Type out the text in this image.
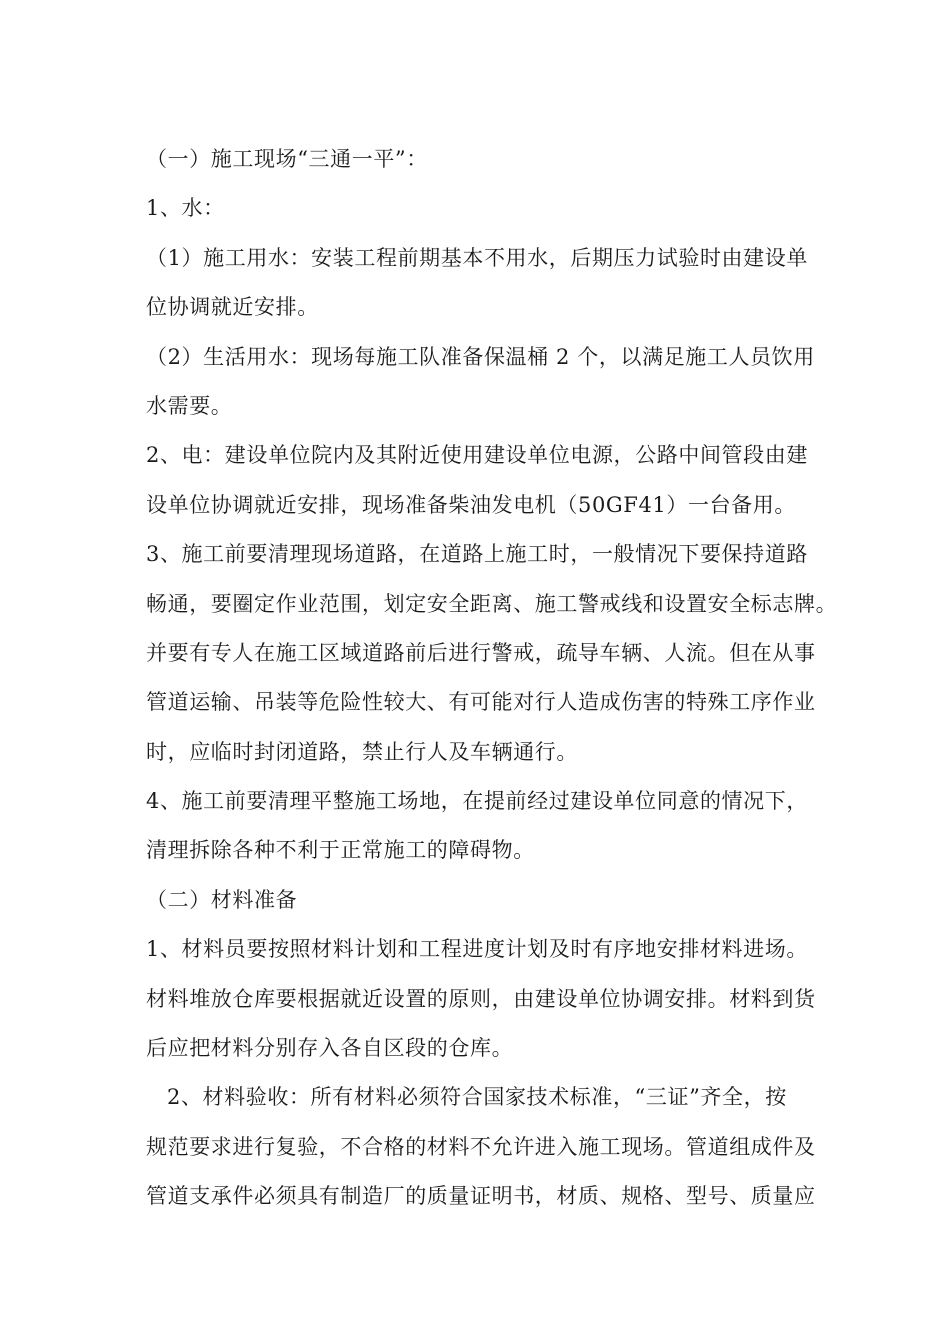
（一）施工现场“三通一平”：
1、水：
（1）施工用水：安装工程前期基本不用水，后期压力试验时由建设单
位协调就近安排。
（2）生活用水：现场每施工队准备保温桶 2 个，以满足施工人员饮用
水需要。
2、电：建设单位院内及其附近使用建设单位电源，公路中间管段由建
设单位协调就近安排，现场准备柴油发电机（50GF41）一台备用。
3、施工前要清理现场道路，在道路上施工时，一般情况下要保持道路
畅通，要圈定作业范围，划定安全距离、施工警戒线和设置安全标志牌。
并要有专人在施工区域道路前后进行警戒，疏导车辆、人流。但在从事
管道运输、吊装等危险性较大、有可能对行人造成伤害的特殊工序作业
时，应临时封闭道路，禁止行人及车辆通行。
4、施工前要清理平整施工场地，在提前经过建设单位同意的情况下，
清理拆除各种不利于正常施工的障碍物。
（二）材料准备
1、材料员要按照材料计划和工程进度计划及时有序地安排材料进场。
材料堆放仓库要根据就近设置的原则，由建设单位协调安排。材料到货
后应把材料分别存入各自区段的仓库。
2、材料验收：所有材料必须符合国家技术标准，“三证”齐全，按
规范要求进行复验，不合格的材料不允许进入施工现场。管道组成件及
管道支承件必须具有制造厂的质量证明书，材质、规格、型号、质量应
